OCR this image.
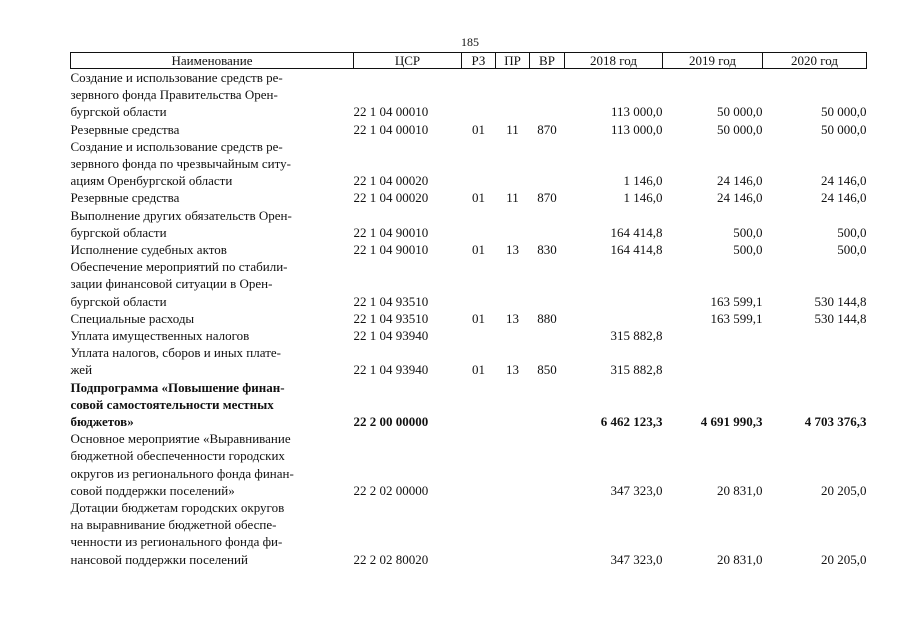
185
Наименование	ЦСР	РЗ	ПР	ВР	2018 год	2019 год	2020 год

Создание и использование средств ре-
зервного фонда Правительства Орен-
бургской области	22 1 04 00010				113 000,0	50 000,0	50 000,0

Резервные средства	22 1 04 00010	01	11	870	113 000,0	50 000,0	50 000,0

Создание и использование средств ре-
зервного фонда по чрезвычайным ситу-
ациям Оренбургской области	22 1 04 00020				1 146,0	24 146,0	24 146,0

Резервные средства	22 1 04 00020	01	11	870	1 146,0	24 146,0	24 146,0

Выполнение других обязательств Орен-
бургской области	22 1 04 90010				164 414,8	500,0	500,0

Исполнение судебных актов	22 1 04 90010	01	13	830	164 414,8	500,0	500,0

Обеспечение мероприятий по стабили-
зации финансовой ситуации в Орен-
бургской области	22 1 04 93510					163 599,1	530 144,8

Специальные расходы	22 1 04 93510	01	13	880		163 599,1	530 144,8

Уплата имущественных налогов	22 1 04 93940				315 882,8		

Уплата налогов, сборов и иных плате-
жей	22 1 04 93940	01	13	850	315 882,8		

Подпрограмма «Повышение финан-
совой самостоятельности местных
бюджетов»	22 2 00 00000				6 462 123,3	4 691 990,3	4 703 376,3

Основное мероприятие «Выравнивание
бюджетной обеспеченности городских
округов из регионального фонда финан-
совой поддержки поселений»	22 2 02 00000				347 323,0	20 831,0	20 205,0

Дотации бюджетам городских округов
на выравнивание бюджетной обеспе-
ченности из регионального фонда фи-
нансовой поддержки поселений	22 2 02 80020				347 323,0	20 831,0	20 205,0
